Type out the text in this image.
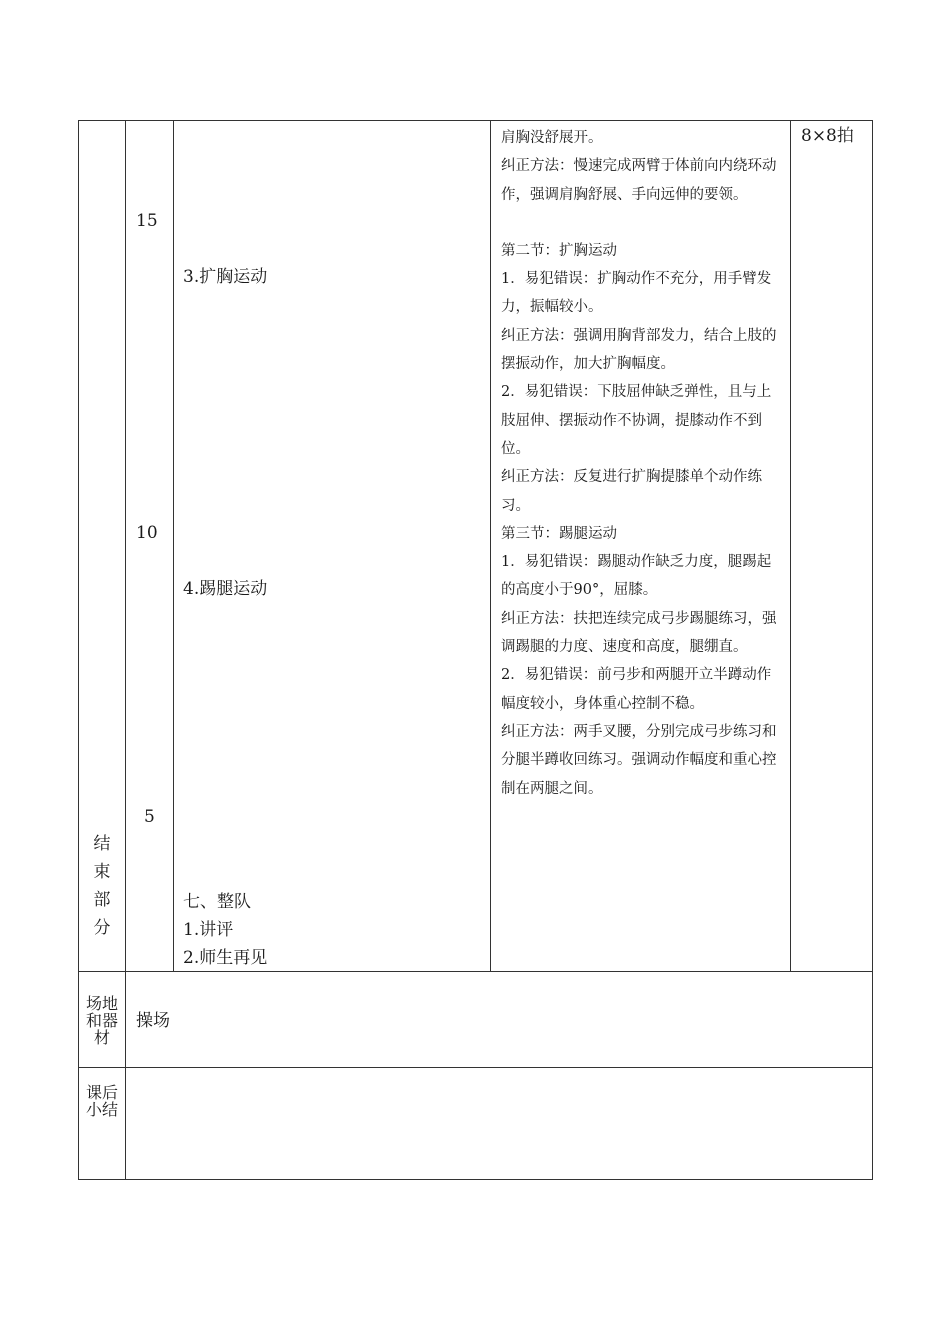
结束部分
场地和器材
课后小结
15
10
5
3.扩胸运动
4.踢腿运动
七、整队
1.讲评
2.师生再见

肩胸没舒展开。

纠正方法：慢速完成两臂于体前向内绕环动作，强调肩胸舒展、手向远伸的要领。

第二节：扩胸运动

1．易犯错误：扩胸动作不充分，用手臂发力，振幅较小。

纠正方法：强调用胸背部发力，结合上肢的摆振动作，加大扩胸幅度。

2．易犯错误：下肢屈伸缺乏弹性，且与上肢屈伸、摆振动作不协调，提膝动作不到位。

纠正方法：反复进行扩胸提膝单个动作练习。

第三节：踢腿运动

1．易犯错误：踢腿动作缺乏力度，腿踢起的高度小于90°，屈膝。

纠正方法：扶把连续完成弓步踢腿练习，强调踢腿的力度、速度和高度，腿绷直。

2．易犯错误：前弓步和两腿开立半蹲动作幅度较小，身体重心控制不稳。

纠正方法：两手叉腰，分别完成弓步练习和分腿半蹲收回练习。强调动作幅度和重心控制在两腿之间。

8×8拍
操场
